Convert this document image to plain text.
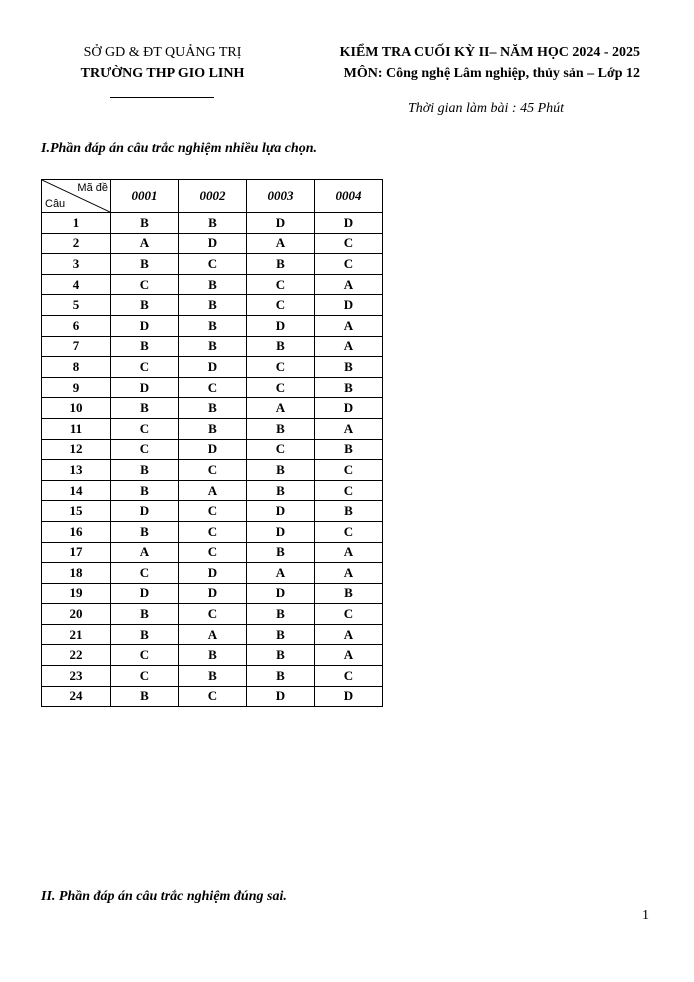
SỞ GD & ĐT QUẢNG TRỊ
TRƯỜNG THP GIO LINH
KIỂM TRA CUỐI KỲ II– NĂM HỌC 2024 - 2025
MÔN: Công nghệ Lâm nghiệp, thủy sản – Lớp 12
Thời gian làm bài : 45 Phút
I.Phần đáp án câu trắc nghiệm nhiều lựa chọn.
Mã đề
Câu	0001	0002	0003	0004
1	B	B	D	D
2	A	D	A	C
3	B	C	B	C
4	C	B	C	A
5	B	B	C	D
6	D	B	D	A
7	B	B	B	A
8	C	D	C	B
9	D	C	C	B
10	B	B	A	D
11	C	B	B	A
12	C	D	C	B
13	B	C	B	C
14	B	A	B	C
15	D	C	D	B
16	B	C	D	C
17	A	C	B	A
18	C	D	A	A
19	D	D	D	B
20	B	C	B	C
21	B	A	B	A
22	C	B	B	A
23	C	B	B	C
24	B	C	D	D
II. Phần đáp án câu trắc nghiệm đúng sai.
1
